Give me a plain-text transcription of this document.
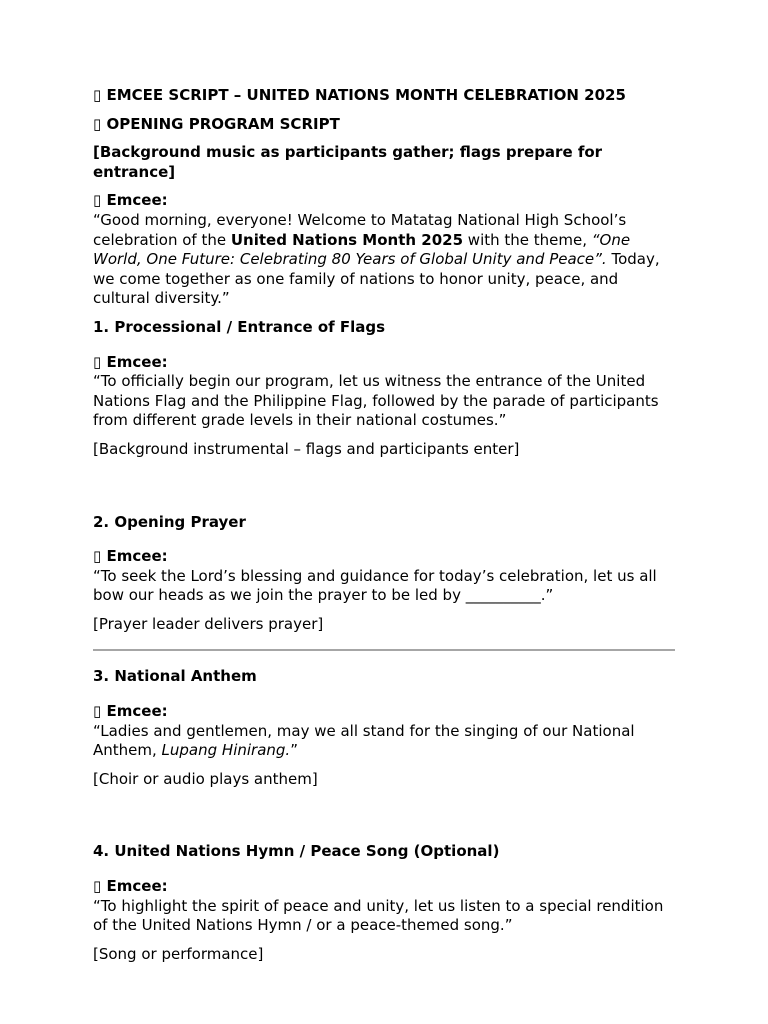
▯ EMCEE SCRIPT – UNITED NATIONS MONTH CELEBRATION 2025

▯ OPENING PROGRAM SCRIPT

[Background music as participants gather; flags prepare for entrance]

▯ Emcee:
“Good morning, everyone! Welcome to Matatag National High School’s celebration of the United Nations Month 2025 with the theme, “One World, One Future: Celebrating 80 Years of Global Unity and Peace”. Today, we come together as one family of nations to honor unity, peace, and cultural diversity.”

1. Processional / Entrance of Flags

▯ Emcee:
“To officially begin our program, let us witness the entrance of the United Nations Flag and the Philippine Flag, followed by the parade of participants from different grade levels in their national costumes.”

[Background instrumental – flags and participants enter]

2. Opening Prayer

▯ Emcee:
“To seek the Lord’s blessing and guidance for today’s celebration, let us all bow our heads as we join the prayer to be led by __________.”

[Prayer leader delivers prayer]

3. National Anthem

▯ Emcee:
“Ladies and gentlemen, may we all stand for the singing of our National Anthem, Lupang Hinirang.”

[Choir or audio plays anthem]

4. United Nations Hymn / Peace Song (Optional)

▯ Emcee:
“To highlight the spirit of peace and unity, let us listen to a special rendition of the United Nations Hymn / or a peace-themed song.”

[Song or performance]
